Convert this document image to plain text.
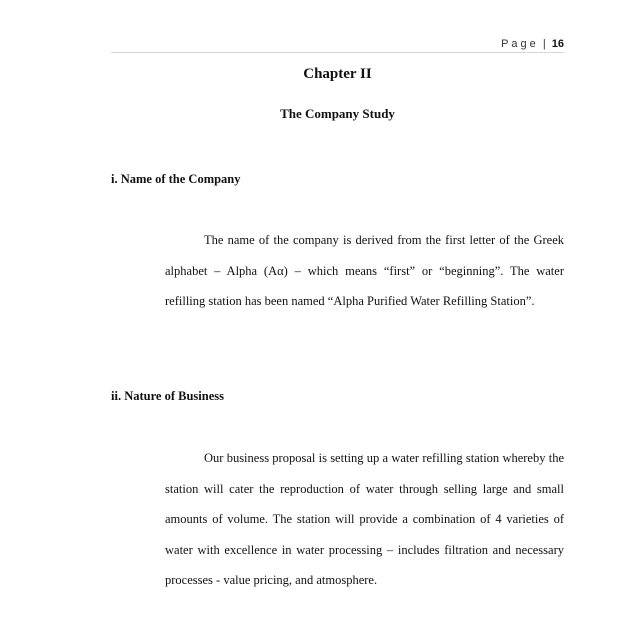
Page | 16
Chapter II
The Company Study
i. Name of the Company

The name of the company is derived from the first letter of the Greek alphabet – Alpha (Aα) – which means “first” or “beginning”. The water refilling station has been named “Alpha Purified Water Refilling Station”.

ii. Nature of Business

Our business proposal is setting up a water refilling station whereby the station will cater the reproduction of water through selling large and small amounts of volume. The station will provide a combination of 4 varieties of water with excellence in water processing – includes filtration and necessary processes - value pricing, and atmosphere.
